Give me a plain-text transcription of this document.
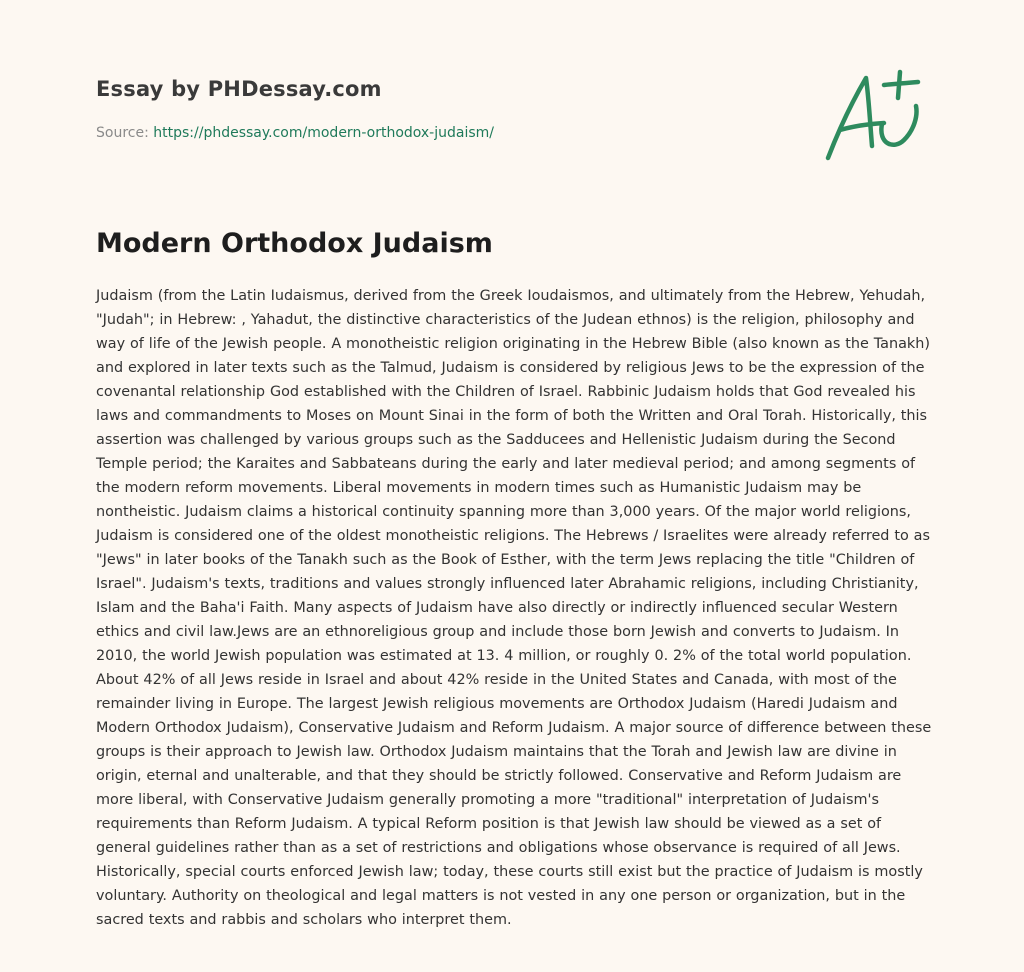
Essay by PHDessay.com
Source: https://phdessay.com/modern-orthodox-judaism/
Modern Orthodox Judaism

Judaism (from the Latin Iudaismus, derived from the Greek Ioudaismos, and ultimately from the Hebrew, Yehudah, "Judah"; in Hebrew: , Yahadut, the distinctive characteristics of the Judean ethnos) is the religion, philosophy and way of life of the Jewish people. A monotheistic religion originating in the Hebrew Bible (also known as the Tanakh) and explored in later texts such as the Talmud, Judaism is considered by religious Jews to be the expression of the covenantal relationship God established with the Children of Israel. Rabbinic Judaism holds that God revealed his laws and commandments to Moses on Mount Sinai in the form of both the Written and Oral Torah. Historically, this assertion was challenged by various groups such as the Sadducees and Hellenistic Judaism during the Second Temple period; the Karaites and Sabbateans during the early and later medieval period; and among segments of the modern reform movements. Liberal movements in modern times such as Humanistic Judaism may be nontheistic. Judaism claims a historical continuity spanning more than 3,000 years. Of the major world religions, Judaism is considered one of the oldest monotheistic religions. The Hebrews / Israelites were already referred to as "Jews" in later books of the Tanakh such as the Book of Esther, with the term Jews replacing the title "Children of Israel". Judaism's texts, traditions and values strongly influenced later Abrahamic religions, including Christianity, Islam and the Baha'i Faith. Many aspects of Judaism have also directly or indirectly influenced secular Western ethics and civil law.Jews are an ethnoreligious group and include those born Jewish and converts to Judaism. In 2010, the world Jewish population was estimated at 13. 4 million, or roughly 0. 2% of the total world population. About 42% of all Jews reside in Israel and about 42% reside in the United States and Canada, with most of the remainder living in Europe. The largest Jewish religious movements are Orthodox Judaism (Haredi Judaism and Modern Orthodox Judaism), Conservative Judaism and Reform Judaism. A major source of difference between these groups is their approach to Jewish law. Orthodox Judaism maintains that the Torah and Jewish law are divine in origin, eternal and unalterable, and that they should be strictly followed. Conservative and Reform Judaism are more liberal, with Conservative Judaism generally promoting a more "traditional" interpretation of Judaism's requirements than Reform Judaism. A typical Reform position is that Jewish law should be viewed as a set of general guidelines rather than as a set of restrictions and obligations whose observance is required of all Jews. Historically, special courts enforced Jewish law; today, these courts still exist but the practice of Judaism is mostly voluntary. Authority on theological and legal matters is not vested in any one person or organization, but in the sacred texts and rabbis and scholars who interpret them.
